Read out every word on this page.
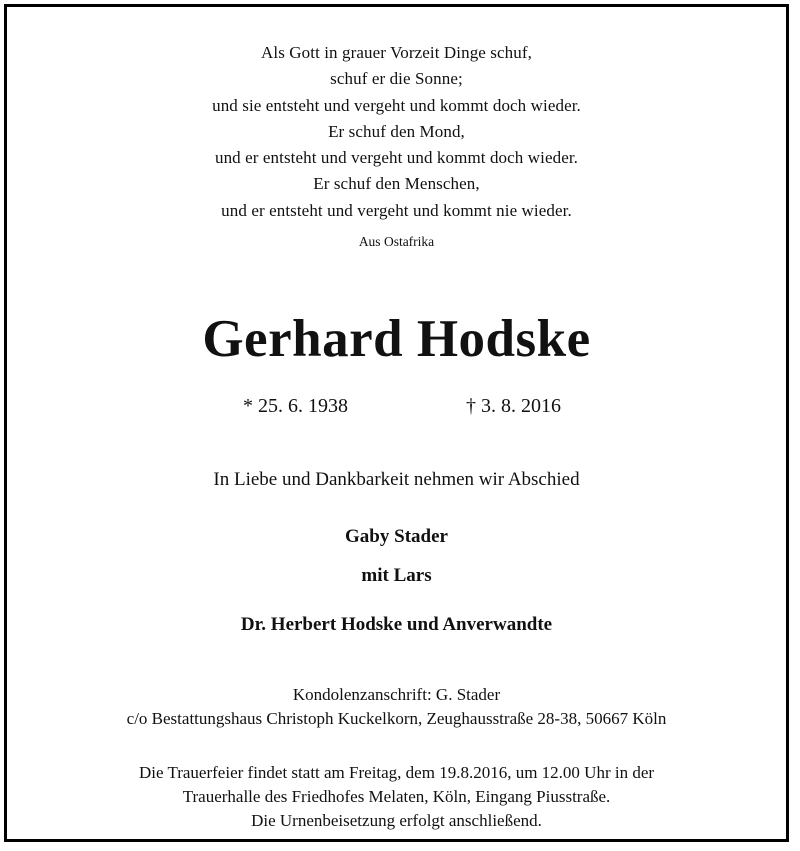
Als Gott in grauer Vorzeit Dinge schuf,
schuf er die Sonne;
und sie entsteht und vergeht und kommt doch wieder.
Er schuf den Mond,
und er entsteht und vergeht und kommt doch wieder.
Er schuf den Menschen,
und er entsteht und vergeht und kommt nie wieder.
Aus Ostafrika
Gerhard Hodske
* 25. 6. 1938	† 3. 8. 2016
In Liebe und Dankbarkeit nehmen wir Abschied
Gaby Stader
mit Lars
Dr. Herbert Hodske und Anverwandte
Kondolenzanschrift: G. Stader
c/o Bestattungshaus Christoph Kuckelkorn, Zeughausstraße 28-38, 50667 Köln
Die Trauerfeier findet statt am Freitag, dem 19.8.2016, um 12.00 Uhr in der
Trauerhalle des Friedhofes Melaten, Köln, Eingang Piusstraße.
Die Urnenbeisetzung erfolgt anschließend.
